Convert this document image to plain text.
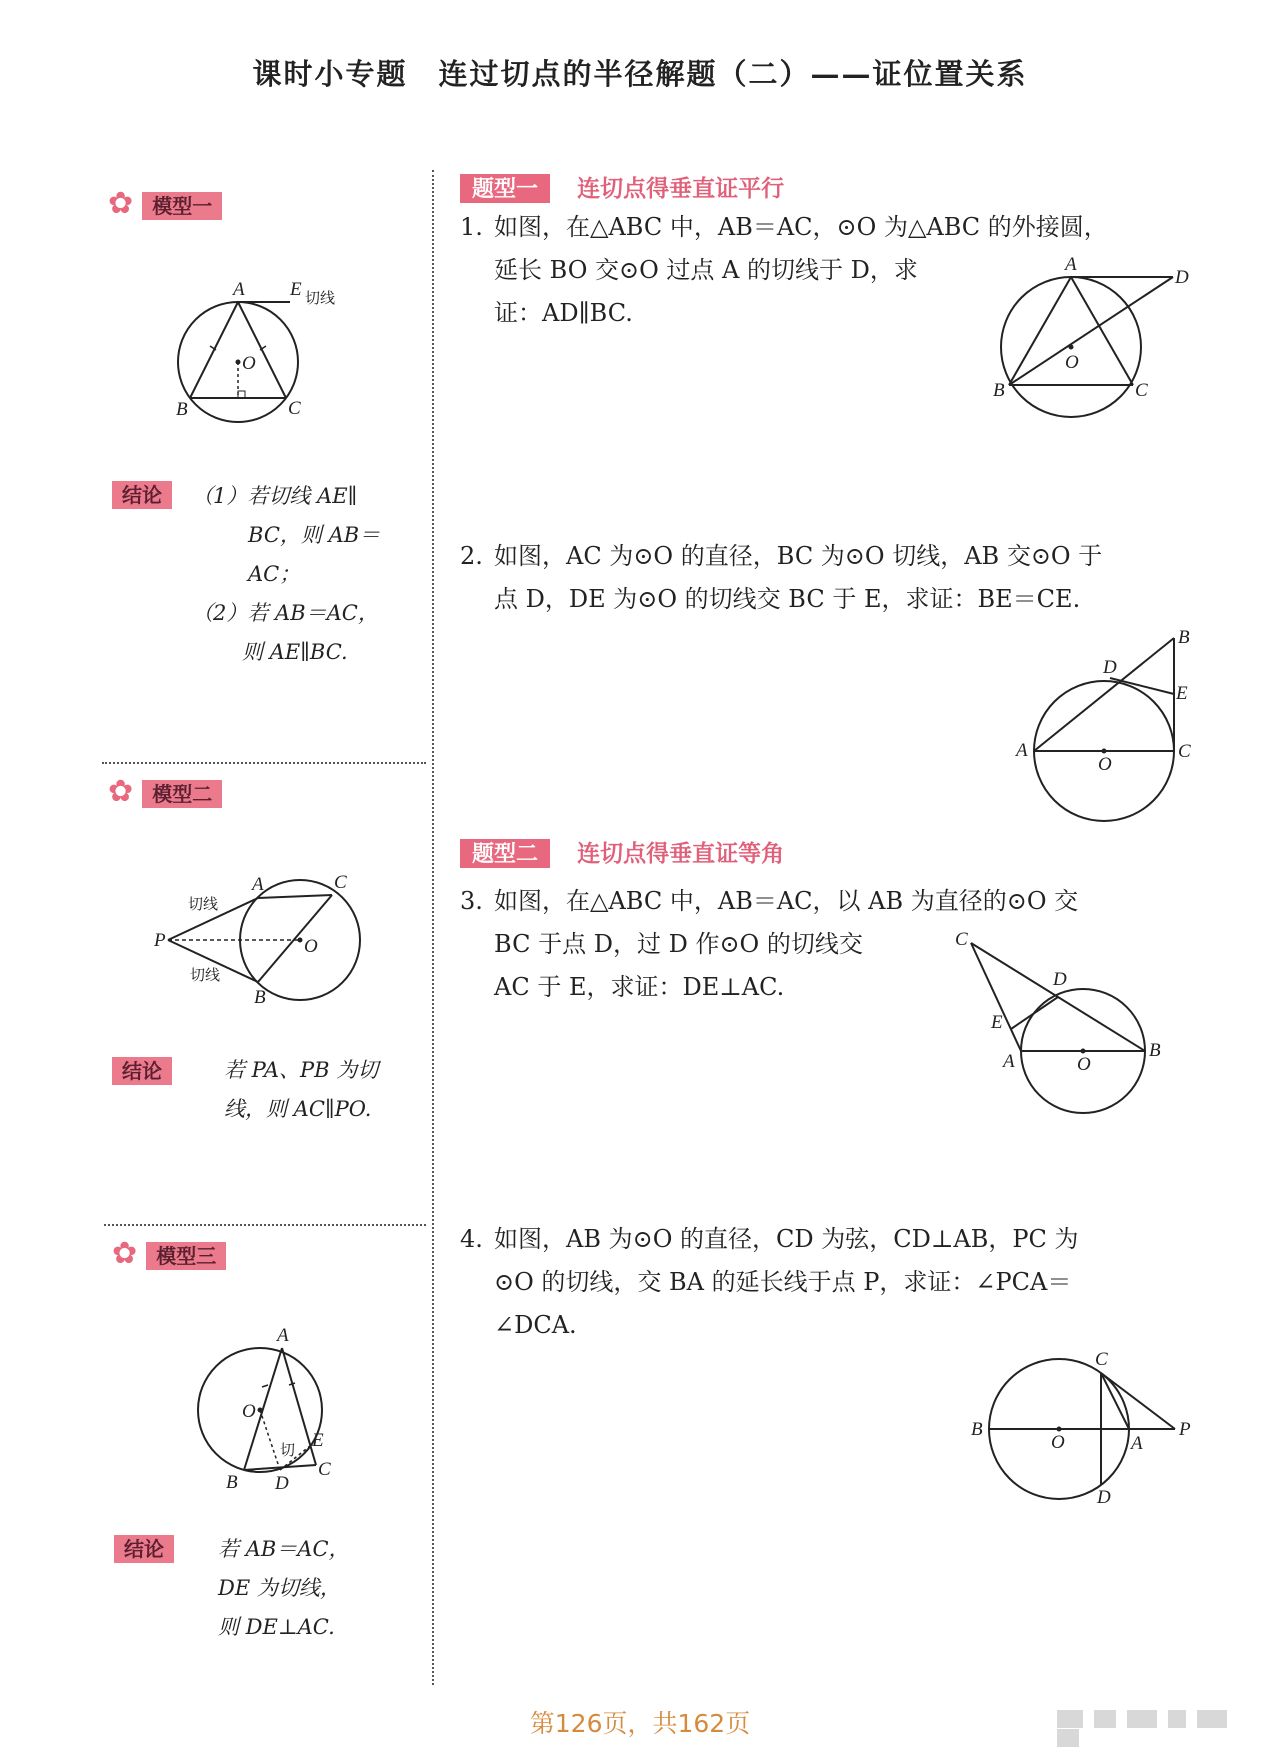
课时小专题　连过切点的半径解题（二）——证位置关系
✿ 模型一
A E 切线
O
B	C
结论	（1）若切线 AE∥
BC，则 AB＝
AC；
（2）若 AB＝AC，
则 AE∥BC.
✿ 模型二
A	C
P	O
B
切线
切线
结论	若 PA、PB 为切
线，则 AC∥PO.
✿ 模型三
A
O
B D
E
C
切
结论	若 AB＝AC，
DE 为切线，
则 DE⊥AC.
题型一 连切点得垂直证平行
1. 如图，在△ABC 中，AB＝AC，⊙O 为△ABC 的外接圆，
延长 BO 交⊙O 过点 A 的切线于 D，求
证：AD∥BC.
A
D
O
B	C
2. 如图，AC 为⊙O 的直径，BC 为⊙O 切线，AB 交⊙O 于
点 D，DE 为⊙O 的切线交 BC 于 E，求证：BE＝CE.
B
D
E
A
O
C
题型二 连切点得垂直证等角
3. 如图，在△ABC 中，AB＝AC，以 AB 为直径的⊙O 交
BC 于点 D，过 D 作⊙O 的切线交
AC 于 E，求证：DE⊥AC.
C
D
E
A	O
B
4. 如图，AB 为⊙O 的直径，CD 为弦，CD⊥AB，PC 为
⊙O 的切线，交 BA 的延长线于点 P，求证：∠PCA＝
∠DCA.
C
B
O	A
P
D
第126页，共162页
